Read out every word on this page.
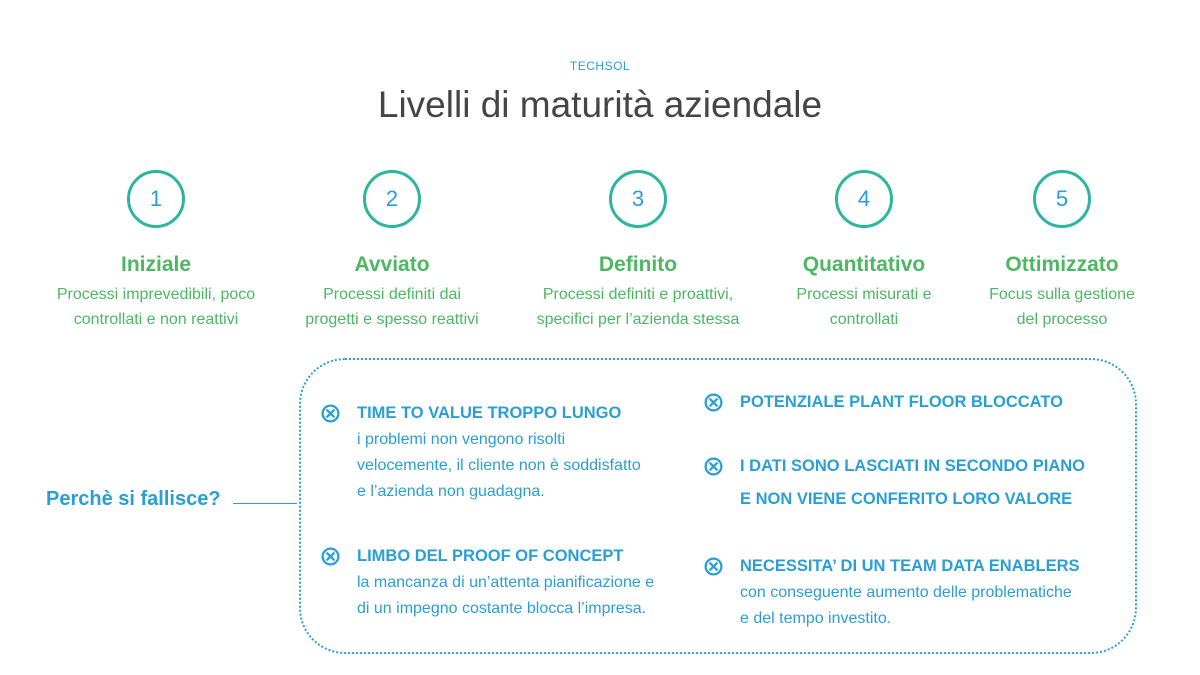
TECHSOL
Livelli di maturità aziendale
1
Iniziale
Processi imprevedibili, poco
controllati e non reattivi
2
Avviato
Processi definiti dai
progetti e spesso reattivi
3
Definito
Processi definiti e proattivi,
specifici per l’azienda stessa
4
Quantitativo
Processi misurati e
controllati
5
Ottimizzato
Focus sulla gestione
del processo
Perchè si fallisce?
TIME TO VALUE TROPPO LUNGO
i problemi non vengono risolti
velocemente, il cliente non è soddisfatto
e l’azienda non guadagna.
LIMBO DEL PROOF OF CONCEPT
la mancanza di un’attenta pianificazione e
di un impegno costante blocca l’impresa.
POTENZIALE PLANT FLOOR BLOCCATO
I DATI SONO LASCIATI IN SECONDO PIANO
E NON VIENE CONFERITO LORO VALORE
NECESSITA’ DI UN TEAM DATA ENABLERS
con conseguente aumento delle problematiche
e del tempo investito.
